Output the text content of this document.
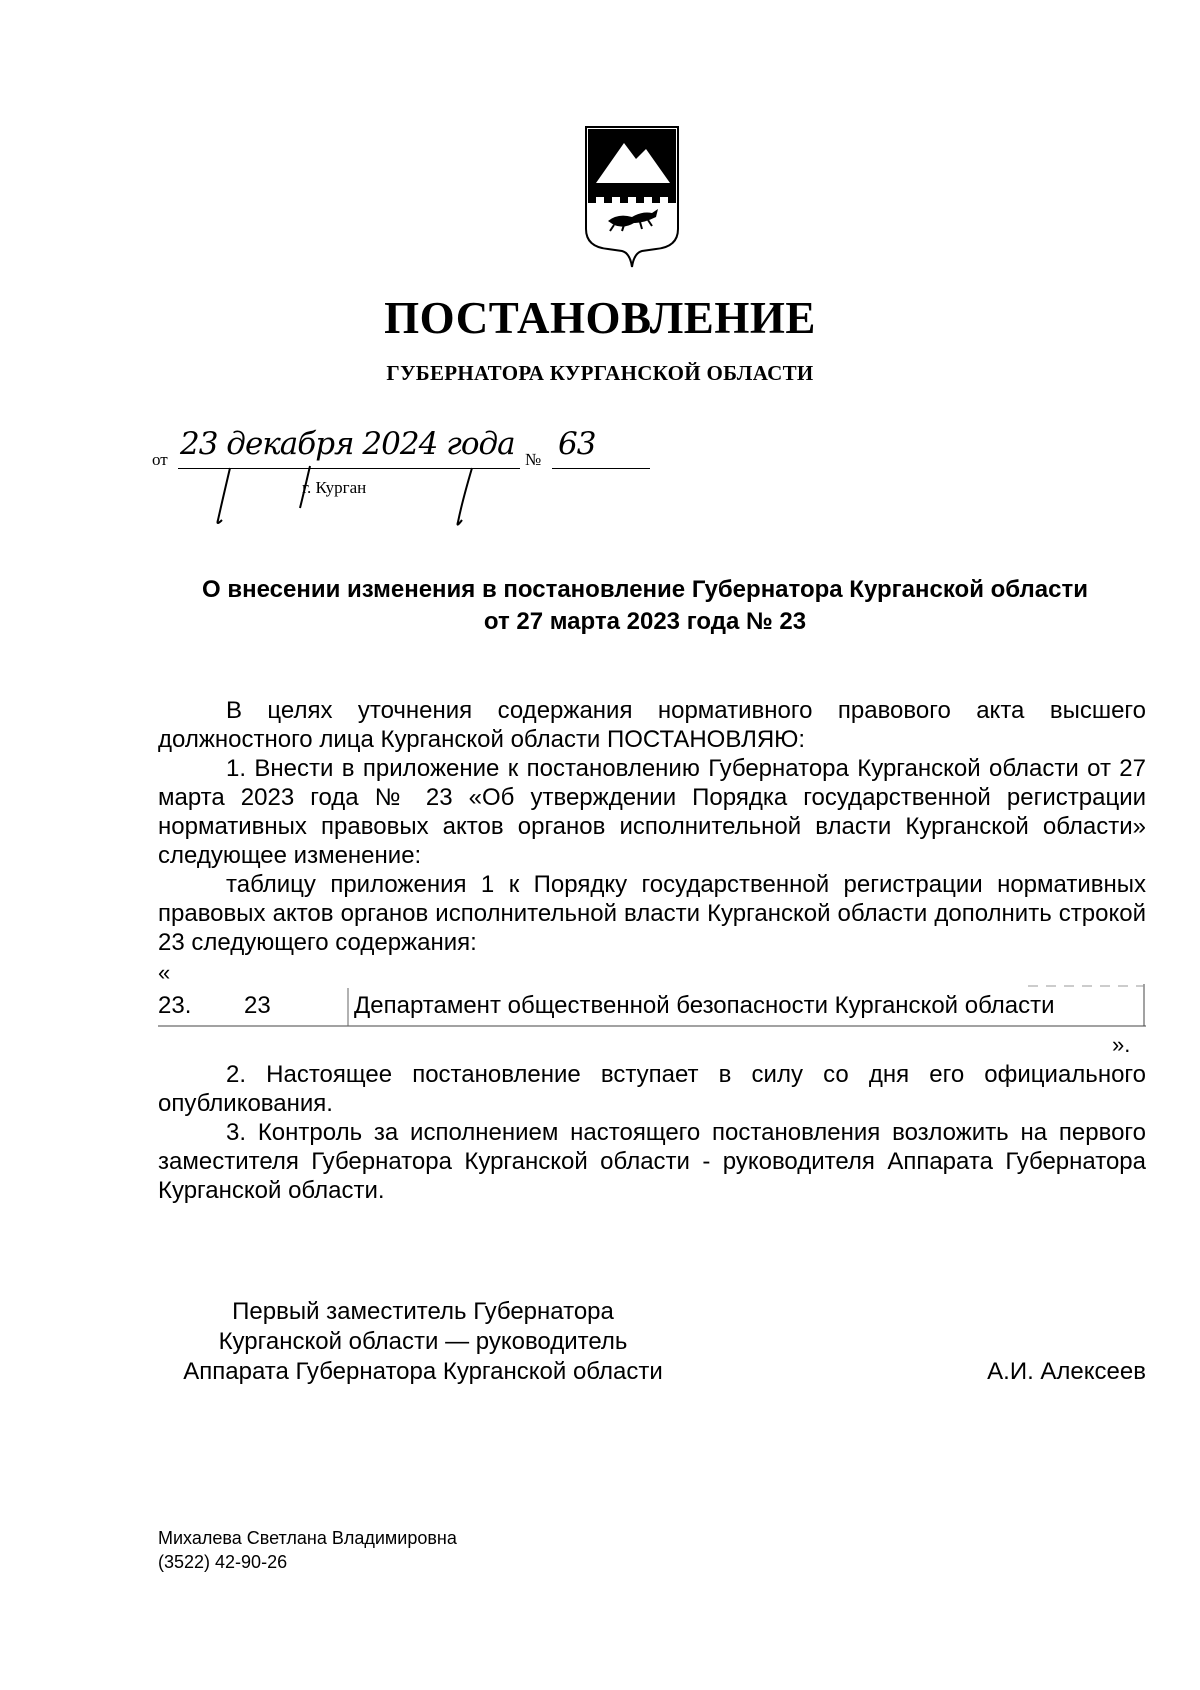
ПОСТАНОВЛЕНИЕ
ГУБЕРНАТОРА КУРГАНСКОЙ ОБЛАСТИ
от 23 декабря 2024 года № 63
г. Курган
О внесении изменения в постановление Губернатора Курганской области
от 27 марта 2023 года № 23

В целях уточнения содержания нормативного правового акта высшего должностного лица Курганской области ПОСТАНОВЛЯЮ:

1. Внести в приложение к постановлению Губернатора Курганской области от 27 марта 2023 года № 23 «Об утверждении Порядка государственной регистрации нормативных правовых актов органов исполнительной власти Курганской области» следующее изменение:

таблицу приложения 1 к Порядку государственной регистрации нормативных правовых актов органов исполнительной власти Курганской области дополнить строкой 23 следующего содержания:

«
23. 23	Департамент общественной безопасности Курганской области
».

2. Настоящее постановление вступает в силу со дня его официального опубликования.

3. Контроль за исполнением настоящего постановления возложить на первого заместителя Губернатора Курганской области - руководителя Аппарата Губернатора Курганской области.

Первый заместитель Губернатора
Курганской области — руководитель
Аппарата Губернатора Курганской области	А.И. Алексеев
Михалева Светлана Владимировна
(3522) 42-90-26
